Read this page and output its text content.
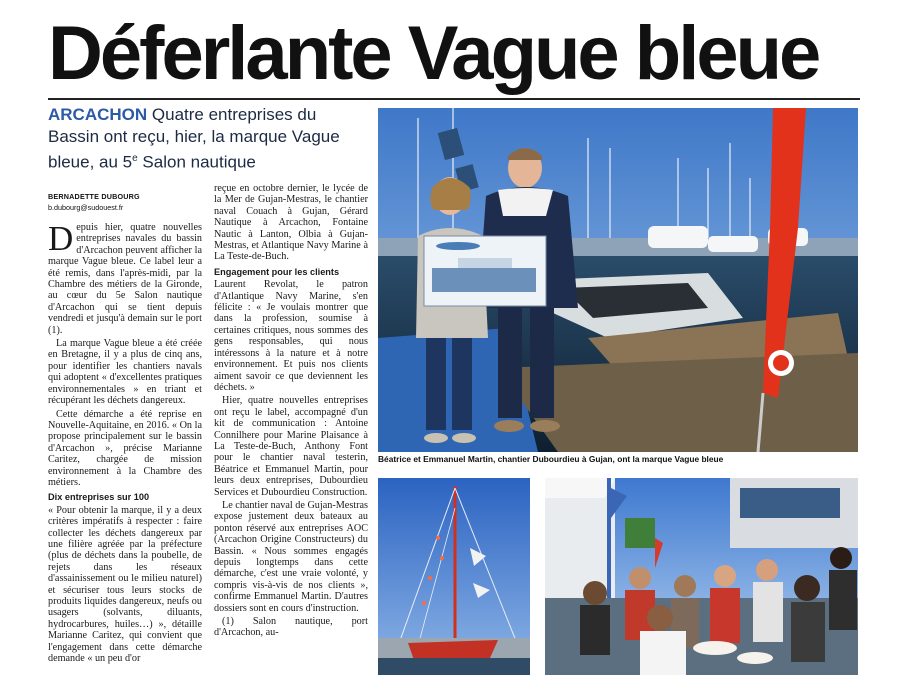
Déferlante Vague bleue
ARCACHON Quatre entreprises du Bassin ont reçu, hier, la marque Vague bleue, au 5e Salon nautique
BERNADETTE DUBOURG
b.dubourg@sudouest.fr

Depuis hier, quatre nouvelles entreprises navales du bassin d'Arcachon peuvent afficher la marque Vague bleue. Ce label leur a été remis, dans l'après-midi, par la Chambre des métiers de la Gironde, au cœur du 5e Salon nautique d'Arcachon qui se tient depuis vendredi et jusqu'à demain sur le port (1).

La marque Vague bleue a été créée en Bretagne, il y a plus de cinq ans, pour identifier les chantiers navals qui adoptent « d'excellentes pratiques environnementales » en triant et récupérant les déchets dangereux.

Cette démarche a été reprise en Nouvelle-Aquitaine, en 2016. « On la propose principalement sur le bassin d'Arcachon », précise Marianne Caritez, chargée de mission environnement à la Chambre des métiers.

Dix entreprises sur 100

« Pour obtenir la marque, il y a deux critères impératifs à respecter : faire collecter les déchets dangereux par une filière agréée par la préfecture (plus de déchets dans la poubelle, de rejets dans les réseaux d'assainissement ou le milieu naturel) et sécuriser tous leurs stocks de produits liquides dangereux, neufs ou usagers (solvants, diluants, hydrocarbures, huiles…) », détaille Marianne Caritez, qui convient que l'engagement dans cette démarche demande « un peu d'or

reçue en octobre dernier, le lycée de la Mer de Gujan-Mestras, le chantier naval Couach à Gujan, Gérard Nautique à Arcachon, Fontaine Nautic à Lanton, Olbia à Gujan-Mestras, et Atlantique Navy Marine à La Teste-de-Buch.

Engagement pour les clients

Laurent Revolat, le patron d'Atlantique Navy Marine, s'en félicite : « Je voulais montrer que dans la profession, soumise à certaines critiques, nous sommes des gens responsables, qui nous intéressons à la nature et à notre environnement. Et puis nos clients aiment savoir ce que deviennent les déchets. »

Hier, quatre nouvelles entreprises ont reçu le label, accompagné d'un kit de communication : Antoine Connilhere pour Marine Plaisance à La Teste-de-Buch, Anthony Font pour le chantier naval testerin, Béatrice et Emmanuel Martin, pour leurs deux entreprises, Dubourdieu Services et Dubourdieu Construction.

Le chantier naval de Gujan-Mestras expose justement deux bateaux au ponton réservé aux entreprises AOC (Arcachon Origine Constructeurs) du Bassin. « Nous sommes engagés depuis longtemps dans cette démarche, c'est une vraie volonté, y compris vis-à-vis de nos clients », confirme Emmanuel Martin. D'autres dossiers sont en cours d'instruction.

(1) Salon nautique, port d'Arcachon, au-

Béatrice et Emmanuel Martin, chantier Dubourdieu à Gujan, ont la marque Vague bleue
